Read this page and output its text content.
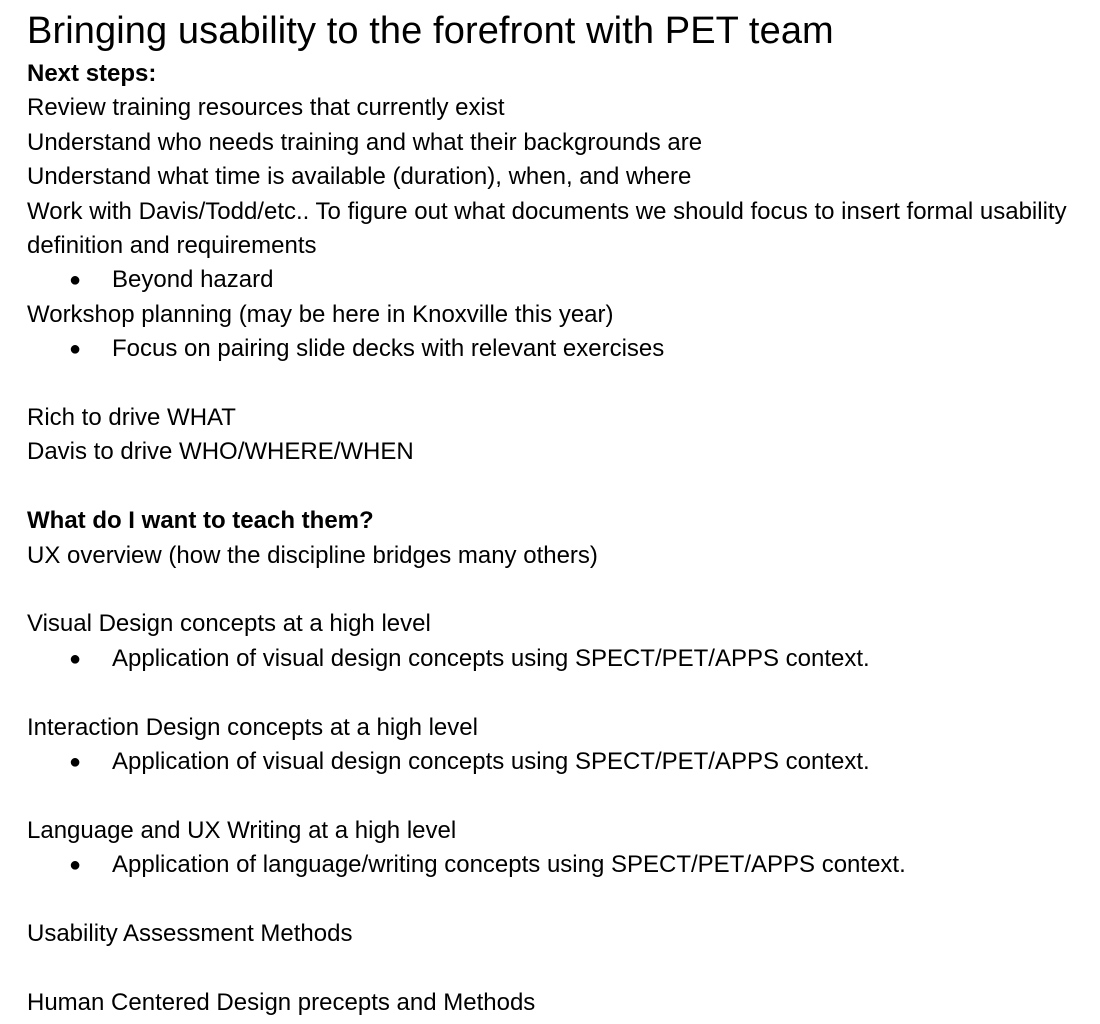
Bringing usability to the forefront with PET team
Next steps:
Review training resources that currently exist
Understand who needs training and what their backgrounds are
Understand what time is available (duration), when, and where
Work with Davis/Todd/etc.. To figure out what documents we should focus to insert formal usability definition and requirements
● Beyond hazard
Workshop planning (may be here in Knoxville this year)
● Focus on pairing slide decks with relevant exercises
Rich to drive WHAT
Davis to drive WHO/WHERE/WHEN
What do I want to teach them?
UX overview (how the discipline bridges many others)
Visual Design concepts at a high level
● Application of visual design concepts using SPECT/PET/APPS context.
Interaction Design concepts at a high level
● Application of visual design concepts using SPECT/PET/APPS context.
Language and UX Writing at a high level
● Application of language/writing concepts using SPECT/PET/APPS context.
Usability Assessment Methods
Human Centered Design precepts and Methods
